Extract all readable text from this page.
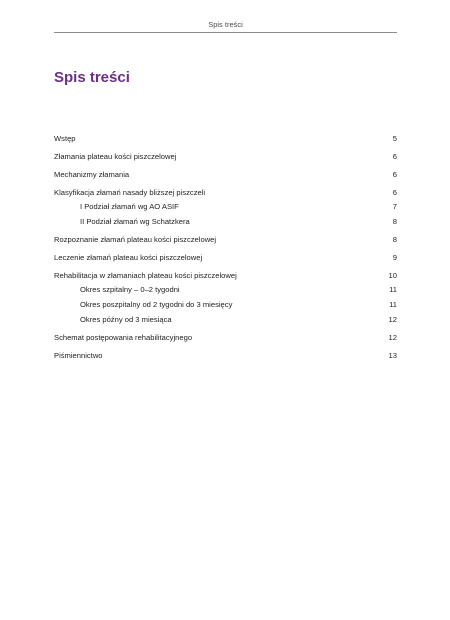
Spis treści
Spis treści
Wstęp	5
Złamania plateau kości piszczelowej	6
Mechanizmy złamania	6
Klasyfikacja złamań nasady bliższej piszczeli	6
I Podział złamań wg AO ASIF	7
II Podział złamań wg Schatzkera	8
Rozpoznanie złamań plateau kości piszczelowej	8
Leczenie złamań plateau kości piszczelowej	9
Rehabilitacja w złamaniach plateau kości piszczelowej	10
Okres szpitalny – 0–2 tygodni	11
Okres poszpitalny od 2 tygodni do 3 miesięcy	11
Okres późny od 3 miesiąca	12
Schemat postępowania rehabilitacyjnego	12
Piśmiennictwo	13
